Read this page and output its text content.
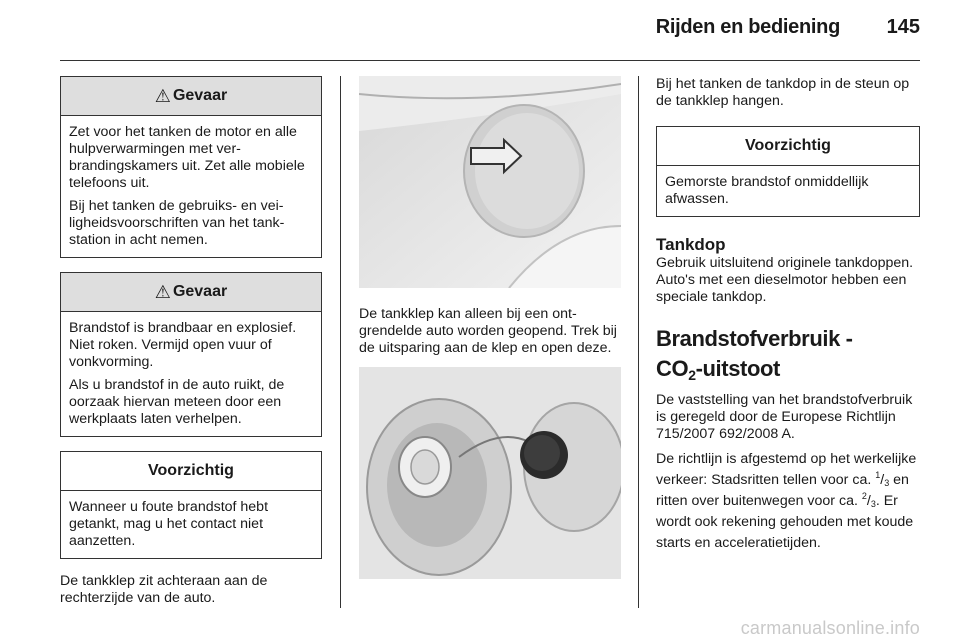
Rijden en bediening	145
⚠ Gevaar

Zet voor het tanken de motor en alle hulpverwarmingen met verbrandingskamers uit. Zet alle mobiele telefoons uit.

Bij het tanken de gebruiks- en veiligheidsvoorschriften van het tankstation in acht nemen.

⚠ Gevaar

Brandstof is brandbaar en explosief. Niet roken. Vermijd open vuur of vonkvorming.

Als u brandstof in de auto ruikt, de oorzaak hiervan meteen door een werkplaats laten verhelpen.

Voorzichtig

Wanneer u foute brandstof hebt getankt, mag u het contact niet aanzetten.

De tankklep zit achteraan aan de rechterzijde van de auto.

De tankklep kan alleen bij een ontgrendelde auto worden geopend. Trek bij de uitsparing aan de klep en open deze.

Bij het tanken de tankdop in de steun op de tankklep hangen.

Voorzichtig

Gemorste brandstof onmiddellijk afwassen.

Tankdop

Gebruik uitsluitend originele tankdoppen. Auto's met een dieselmotor hebben een speciale tankdop.

Brandstofverbruik -
$CO_2$-uitstoot

De vaststelling van het brandstofverbruik is geregeld door de Europese Richtlijn 715/2007 692/2008 A.

De richtlijn is afgestemd op het werkelijke verkeer: Stadsritten tellen voor ca. $^1/_3$ en ritten over buitenwegen voor ca. $^2/_3$. Er wordt ook rekening gehouden met koude starts en acceleratietijden.

carmanualsonline.info
